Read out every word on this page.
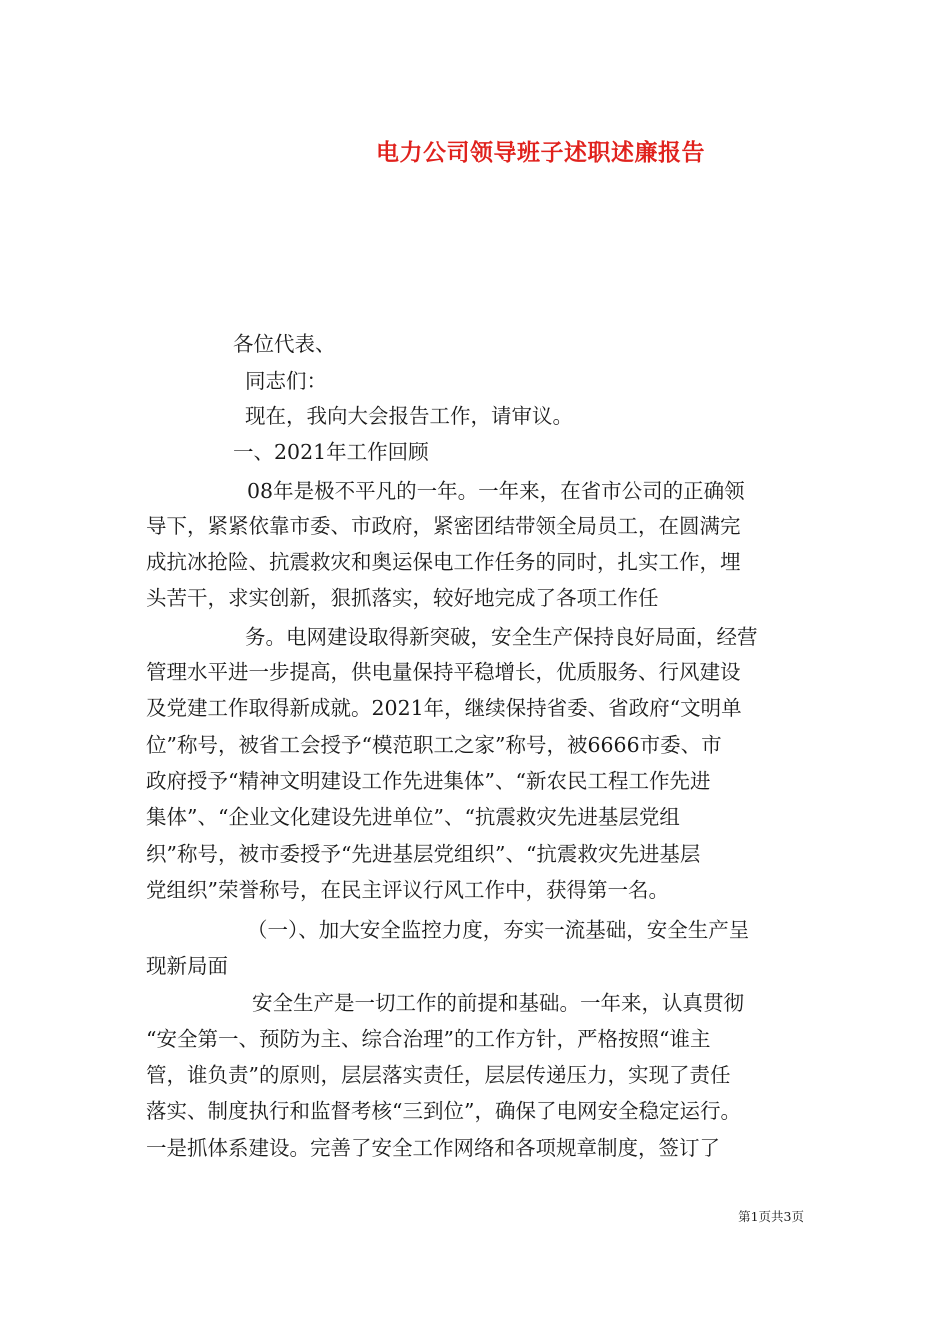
电力公司领导班子述职述廉报告
各位代表、
同志们：
现在，我向大会报告工作，请审议。
一、2021年工作回顾
08年是极不平凡的一年。一年来，在省市公司的正确领
导下，紧紧依靠市委、市政府，紧密团结带领全局员工，在圆满完
成抗冰抢险、抗震救灾和奥运保电工作任务的同时，扎实工作，埋
头苦干，求实创新，狠抓落实，较好地完成了各项工作任
务。电网建设取得新突破，安全生产保持良好局面，经营
管理水平进一步提高，供电量保持平稳增长，优质服务、行风建设
及党建工作取得新成就。2021年，继续保持省委、省政府“文明单
位”称号，被省工会授予“模范职工之家”称号，被6666市委、市
政府授予“精神文明建设工作先进集体”、“新农民工程工作先进
集体”、“企业文化建设先进单位”、“抗震救灾先进基层党组
织”称号，被市委授予“先进基层党组织”、“抗震救灾先进基层
党组织”荣誉称号，在民主评议行风工作中，获得第一名。
（一）、加大安全监控力度，夯实一流基础，安全生产呈
现新局面
安全生产是一切工作的前提和基础。一年来，认真贯彻
“安全第一、预防为主、综合治理”的工作方针，严格按照“谁主
管，谁负责”的原则，层层落实责任，层层传递压力，实现了责任
落实、制度执行和监督考核“三到位”，确保了电网安全稳定运行。
一是抓体系建设。完善了安全工作网络和各项规章制度，签订了
第1页共3页
